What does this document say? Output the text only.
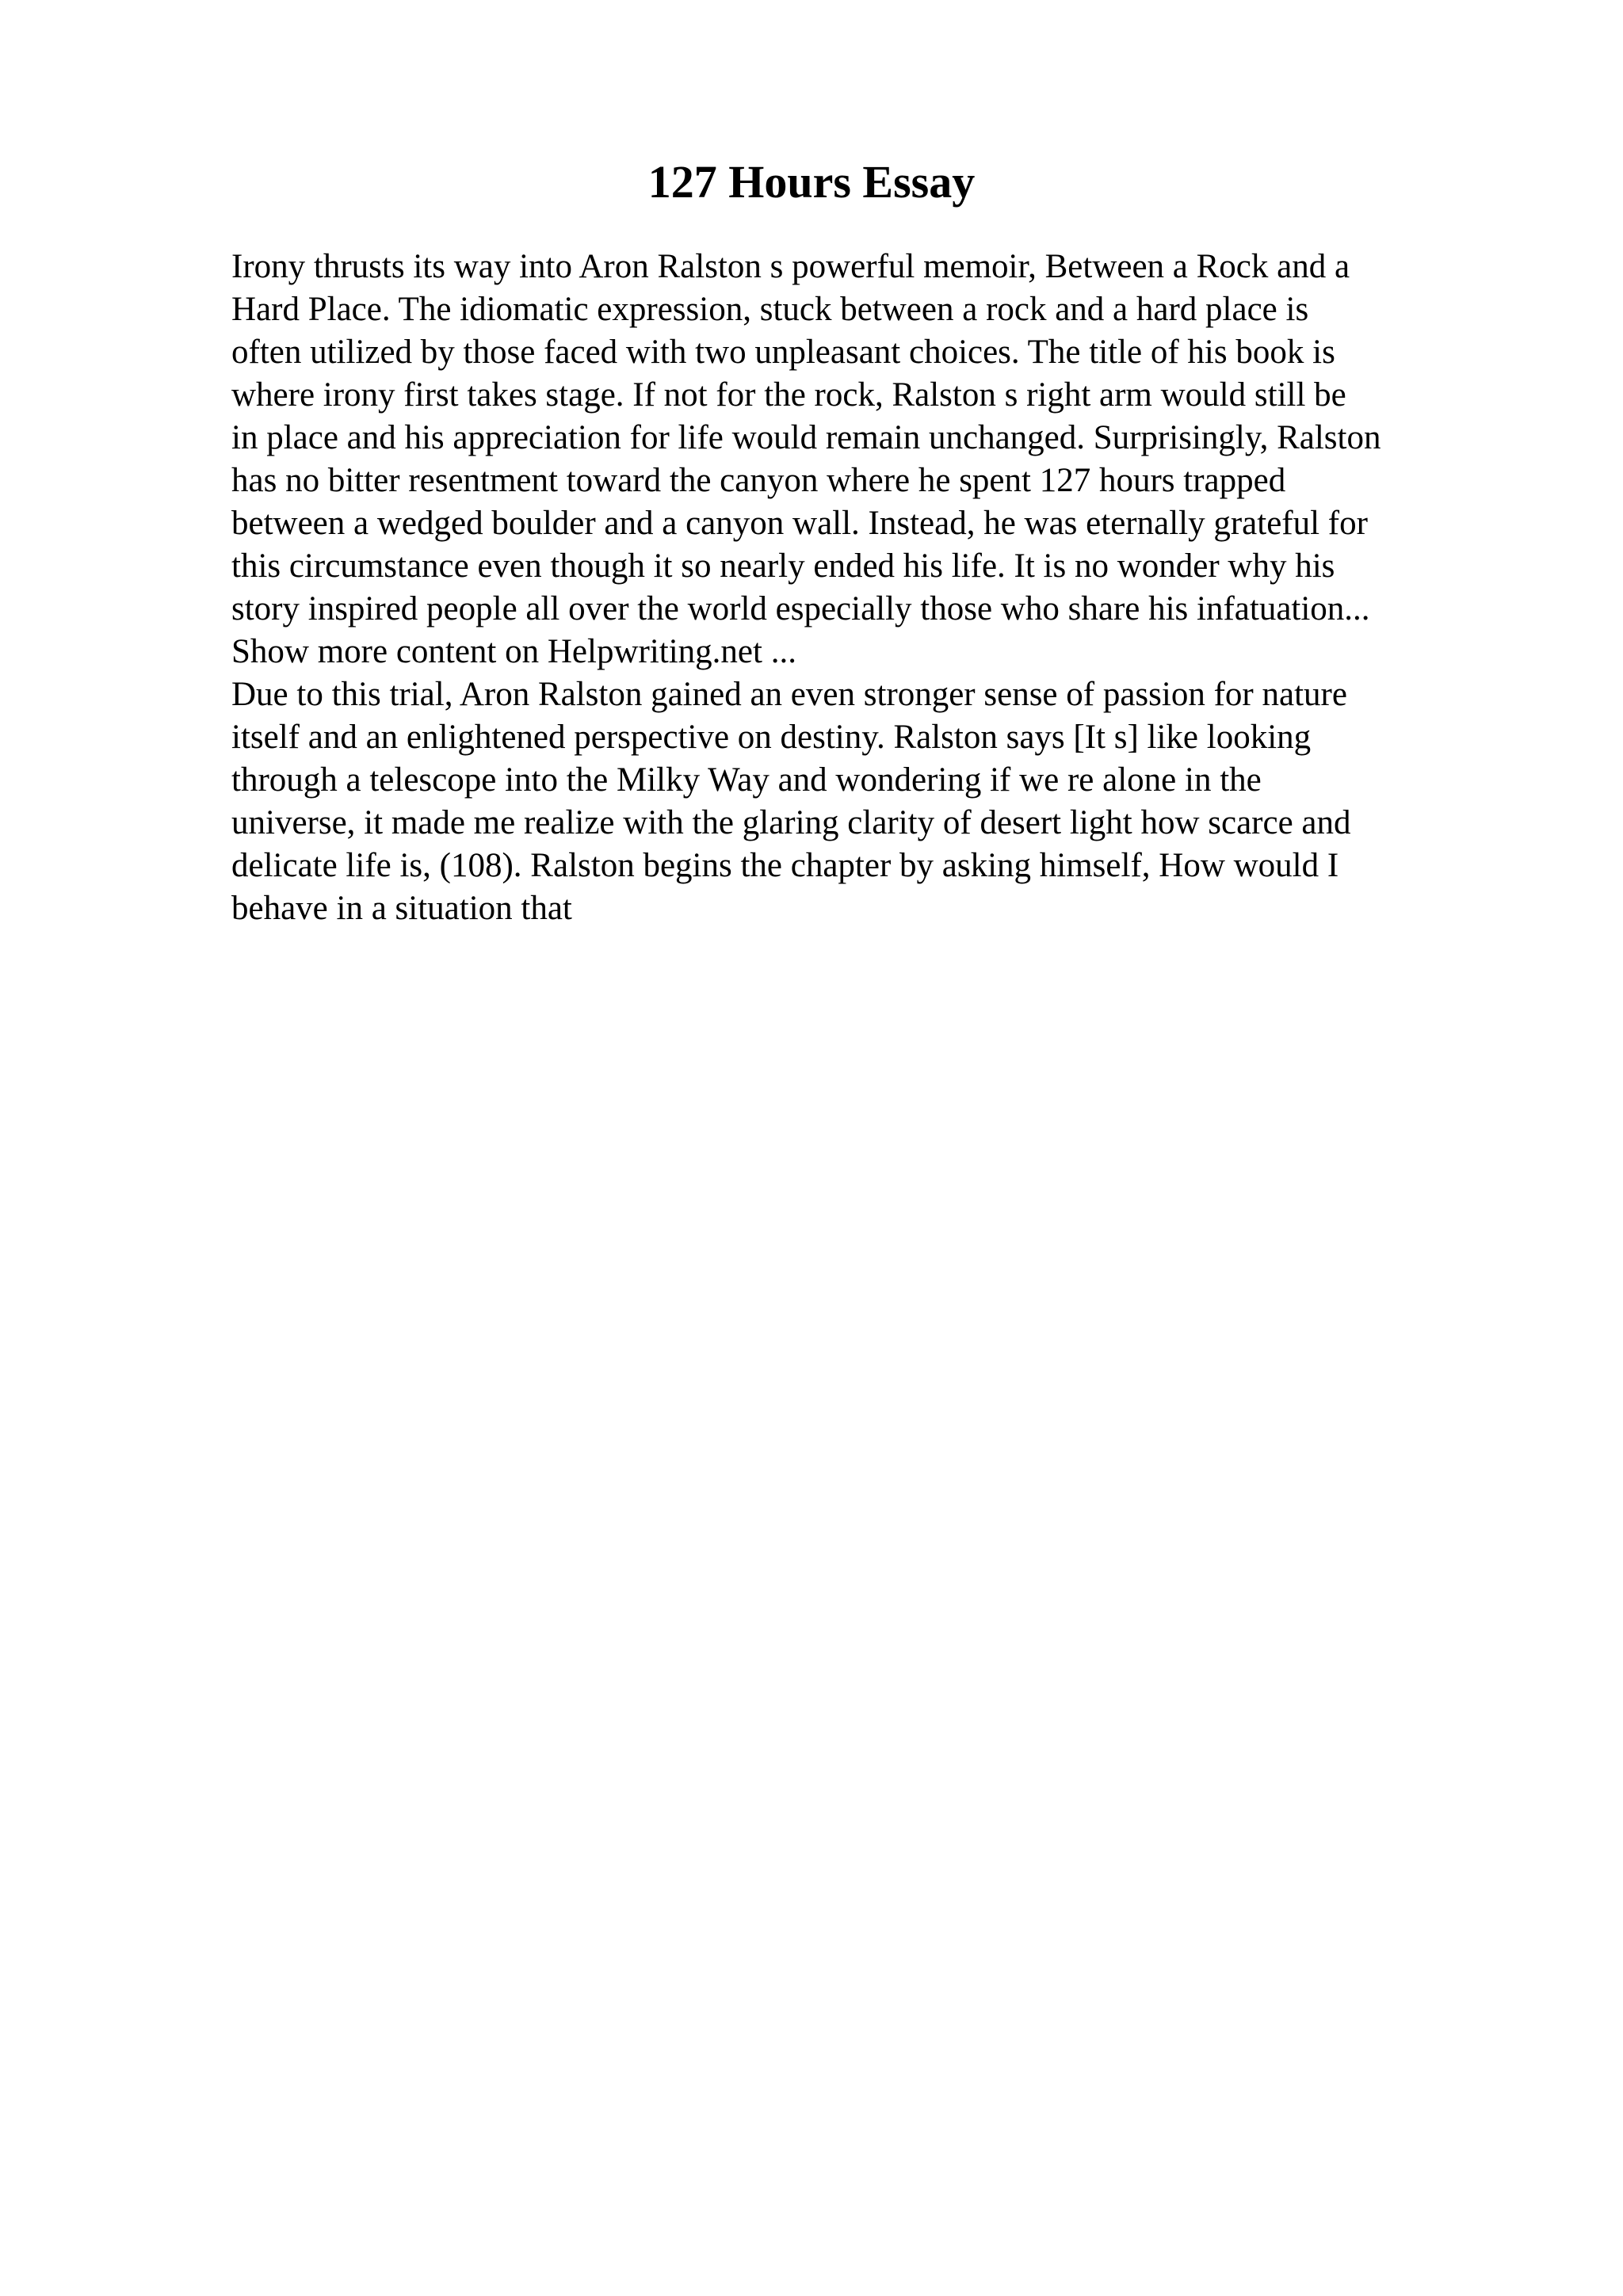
127 Hours Essay
Irony thrusts its way into Aron Ralston s powerful memoir, Between a Rock and a
Hard Place. The idiomatic expression, stuck between a rock and a hard place is
often utilized by those faced with two unpleasant choices. The title of his book is
where irony first takes stage. If not for the rock, Ralston s right arm would still be
in place and his appreciation for life would remain unchanged. Surprisingly, Ralston
has no bitter resentment toward the canyon where he spent 127 hours trapped
between a wedged boulder and a canyon wall. Instead, he was eternally grateful for
this circumstance even though it so nearly ended his life. It is no wonder why his
story inspired people all over the world especially those who share his infatuation...
Show more content on Helpwriting.net ...
Due to this trial, Aron Ralston gained an even stronger sense of passion for nature
itself and an enlightened perspective on destiny. Ralston says [It s] like looking
through a telescope into the Milky Way and wondering if we re alone in the
universe, it made me realize with the glaring clarity of desert light how scarce and
delicate life is, (108). Ralston begins the chapter by asking himself, How would I
behave in a situation that
